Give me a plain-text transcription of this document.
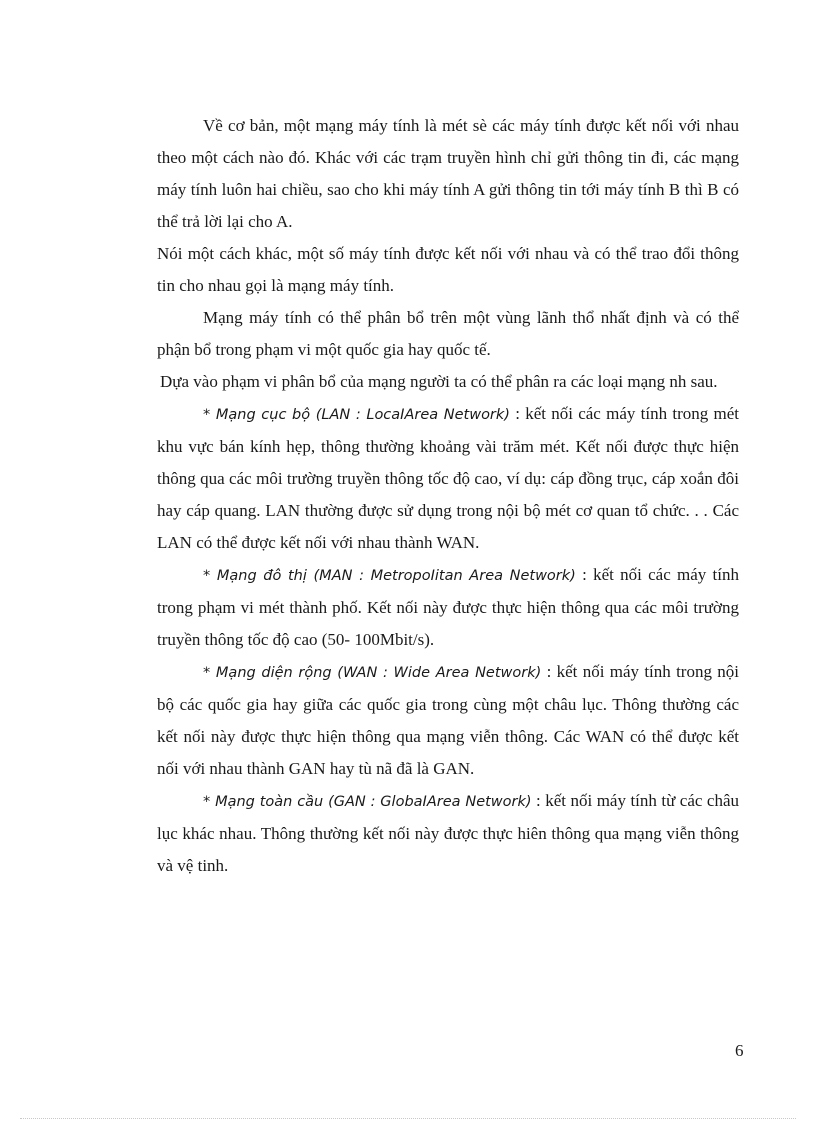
Về cơ bản, một mạng máy tính là mét sè các máy tính được kết nối với nhau theo một cách nào đó. Khác với các trạm truyền hình chỉ gửi thông tin đi, các mạng máy tính luôn hai chiều, sao cho khi máy tính A gửi thông tin tới máy tính B thì B có thể trả lời lại cho A.

Nói một cách khác, một số máy tính được kết nối với nhau và có thể trao đổi thông tin cho nhau gọi là mạng máy tính.

Mạng máy tính có thể phân bổ trên một vùng lãnh thổ nhất định và có thể phận bổ trong phạm vi một quốc gia hay quốc tế.

Dựa vào phạm vi phân bổ của mạng người ta có thể phân ra các loại mạng nh sau.

* Mạng cục bộ (LAN : LocaIArea Network) : kết nối các máy tính trong mét khu vực bán kính hẹp, thông thường khoảng vài trăm mét. Kết nối được thực hiện thông qua các môi trường truyền thông tốc độ cao, ví dụ: cáp đồng trục, cáp xoắn đôi hay cáp quang. LAN thường được sử dụng trong nội bộ mét cơ quan tổ chức. . . Các LAN có thể được kết nối với nhau thành WAN.

* Mạng đô thị (MAN : MetropoIitan Area Network) : kết nối các máy tính trong phạm vi mét thành phố. Kết nối này được thực hiện thông qua các môi trường truyền thông tốc độ cao (50- 100Mbit/s).

* Mạng diện rộng (WAN : Wide Area Network) : kết nối máy tính trong nội bộ các quốc gia hay giữa các quốc gia trong cùng một châu lục. Thông thường các kết nối này được thực hiện thông qua mạng viễn thông. Các WAN có thể được kết nối với nhau thành GAN hay tù nã đã là GAN.

* Mạng toàn cầu (GAN : GlobaIArea Network) : kết nối máy tính từ các châu lục khác nhau. Thông thường kết nối này được thực hiên thông qua mạng viễn thông và vệ tinh.

6
